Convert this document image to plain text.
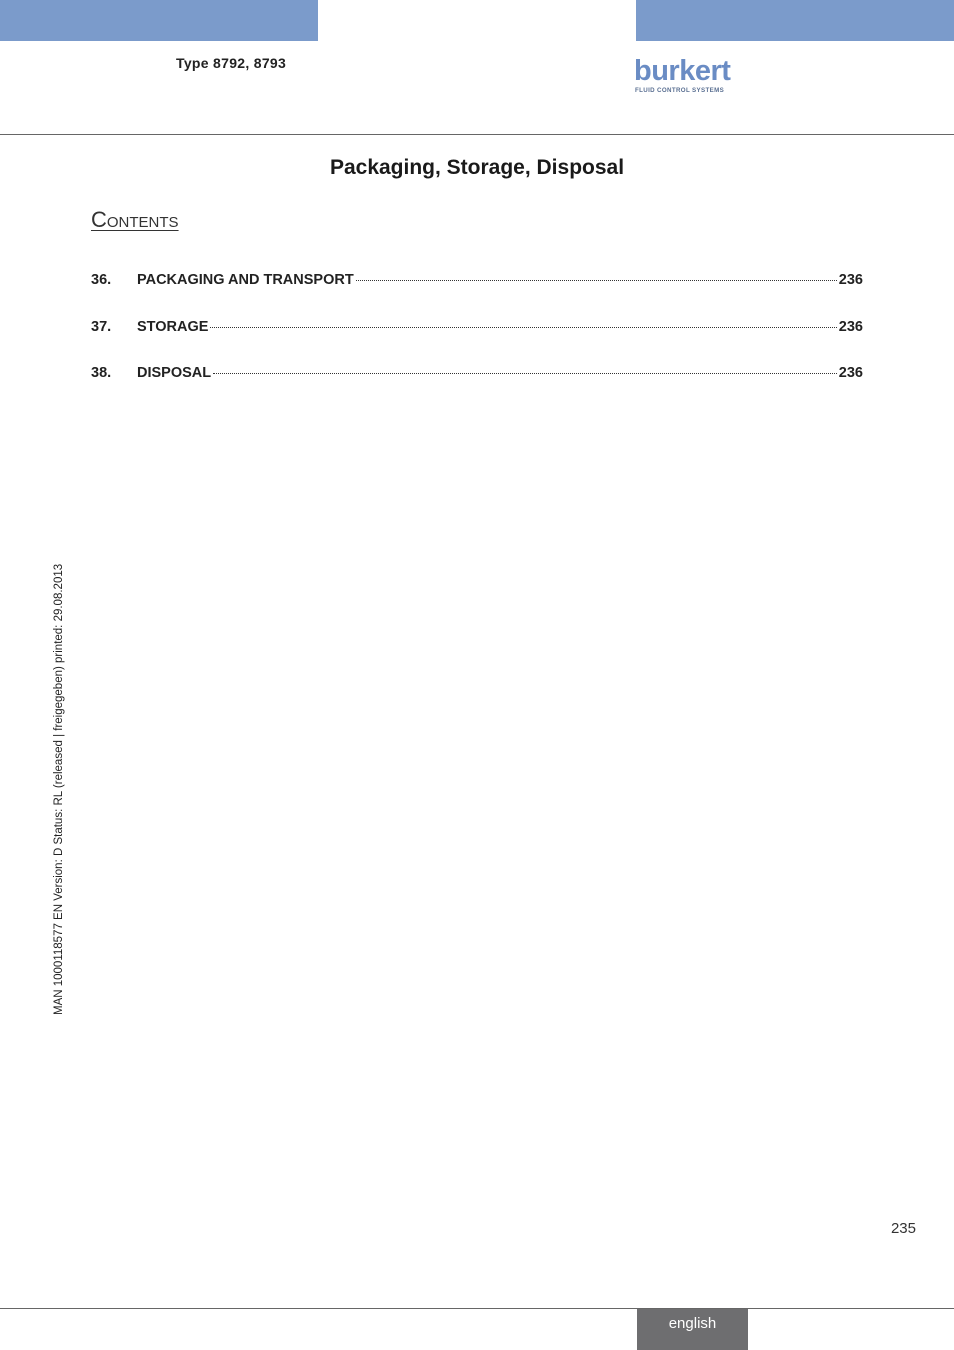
Type 8792, 8793	burkert
FLUID CONTROL SYSTEMS
Packaging, Storage, Disposal
Contents
36.	PACKAGING AND TRANSPORT	236
37.	STORAGE	236
38.	DISPOSAL	236
MAN 1000118577 EN Version: D Status: RL (released | freigegeben) printed: 29.08.2013
235
english
